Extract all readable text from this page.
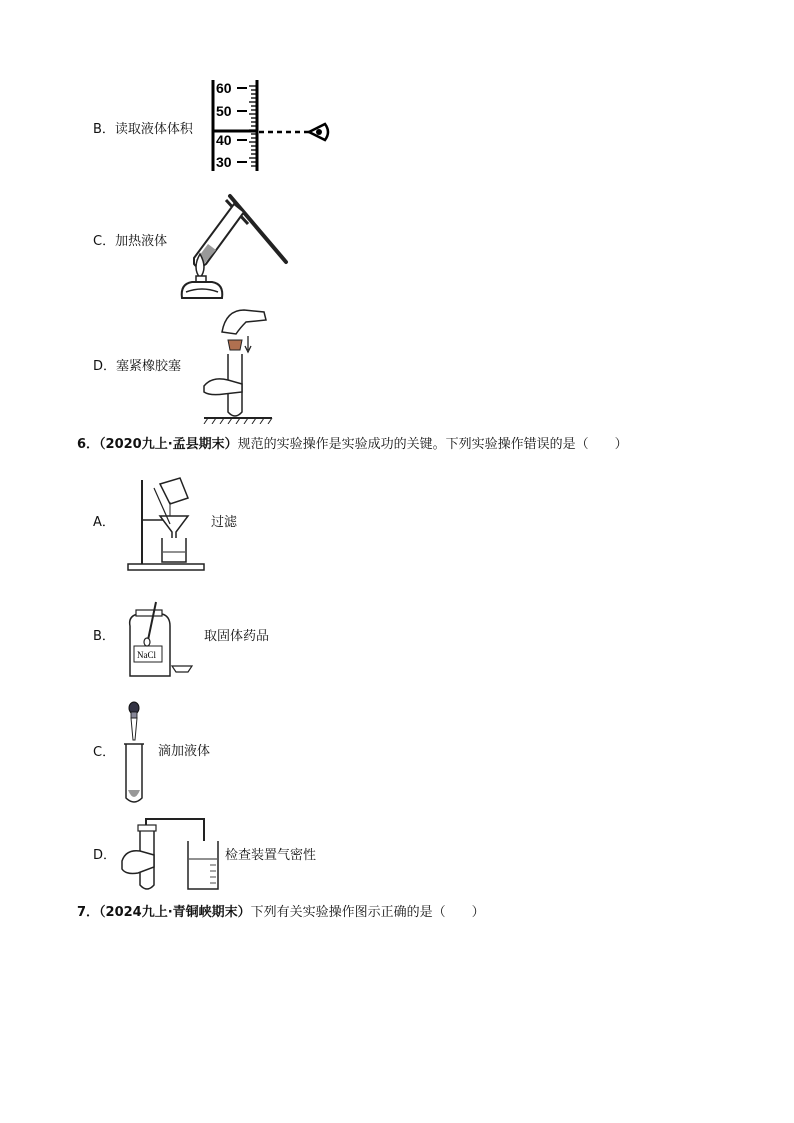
B．读取液体体积
60
50
40
30
C．加热液体
D．塞紧橡胶塞
6．（2020九上·孟县期末）规范的实验操作是实验成功的关键。下列实验操作错误的是（　　）
A．	过滤
B．
NaCl
取固体药品
C．	滴加液体
D．	检查装置气密性
7．（2024九上·青铜峡期末）下列有关实验操作图示正确的是（　　）
